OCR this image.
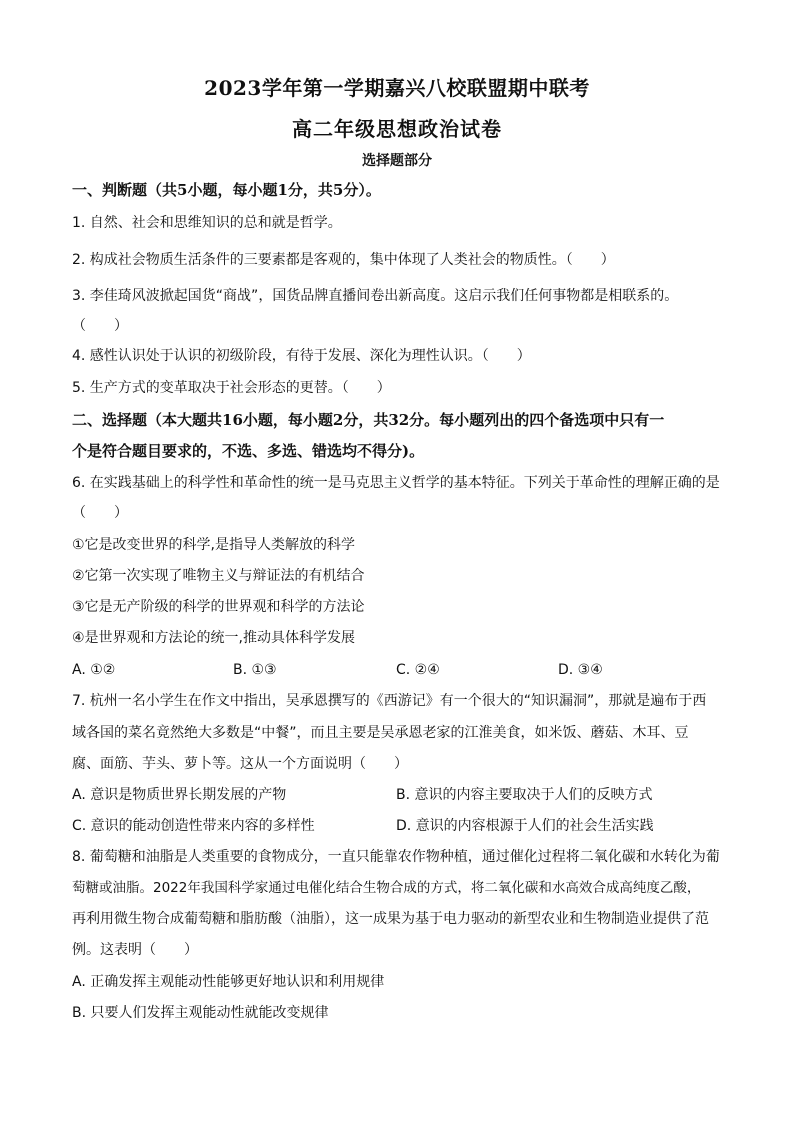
2023学年第一学期嘉兴八校联盟期中联考
高二年级思想政治试卷
选择题部分
一、判断题（共5小题，每小题1分，共5分）。
1. 自然、社会和思维知识的总和就是哲学。
2. 构成社会物质生活条件的三要素都是客观的，集中体现了人类社会的物质性。（　　）
3. 李佳琦风波掀起国货“商战”，国货品牌直播间卷出新高度。这启示我们任何事物都是相联系的。
（　　）
4. 感性认识处于认识的初级阶段，有待于发展、深化为理性认识。（　　）
5. 生产方式的变革取决于社会形态的更替。（　　）
二、选择题（本大题共16小题，每小题2分，共32分。每小题列出的四个备选项中只有一
个是符合题目要求的，不选、多选、错选均不得分)。
6. 在实践基础上的科学性和革命性的统一是马克思主义哲学的基本特征。下列关于革命性的理解正确的是
（　　）
①它是改变世界的科学,是指导人类解放的科学
②它第一次实现了唯物主义与辩证法的有机结合
③它是无产阶级的科学的世界观和科学的方法论
④是世界观和方法论的统一,推动具体科学发展
A. ①②	B. ①③	C. ②④	D. ③④
7. 杭州一名小学生在作文中指出，吴承恩撰写的《西游记》有一个很大的“知识漏洞”，那就是遍布于西
域各国的菜名竟然绝大多数是“中餐”，而且主要是吴承恩老家的江淮美食，如米饭、蘑菇、木耳、豆
腐、面筋、芋头、萝卜等。这从一个方面说明（　　）
A. 意识是物质世界长期发展的产物	B. 意识的内容主要取决于人们的反映方式
C. 意识的能动创造性带来内容的多样性	D. 意识的内容根源于人们的社会生活实践
8. 葡萄糖和油脂是人类重要的食物成分，一直只能靠农作物种植，通过催化过程将二氧化碳和水转化为葡
萄糖或油脂。2022年我国科学家通过电催化结合生物合成的方式，将二氧化碳和水高效合成高纯度乙酸，
再利用微生物合成葡萄糖和脂肪酸（油脂），这一成果为基于电力驱动的新型农业和生物制造业提供了范
例。这表明（　　）
A. 正确发挥主观能动性能够更好地认识和利用规律
B. 只要人们发挥主观能动性就能改变规律
